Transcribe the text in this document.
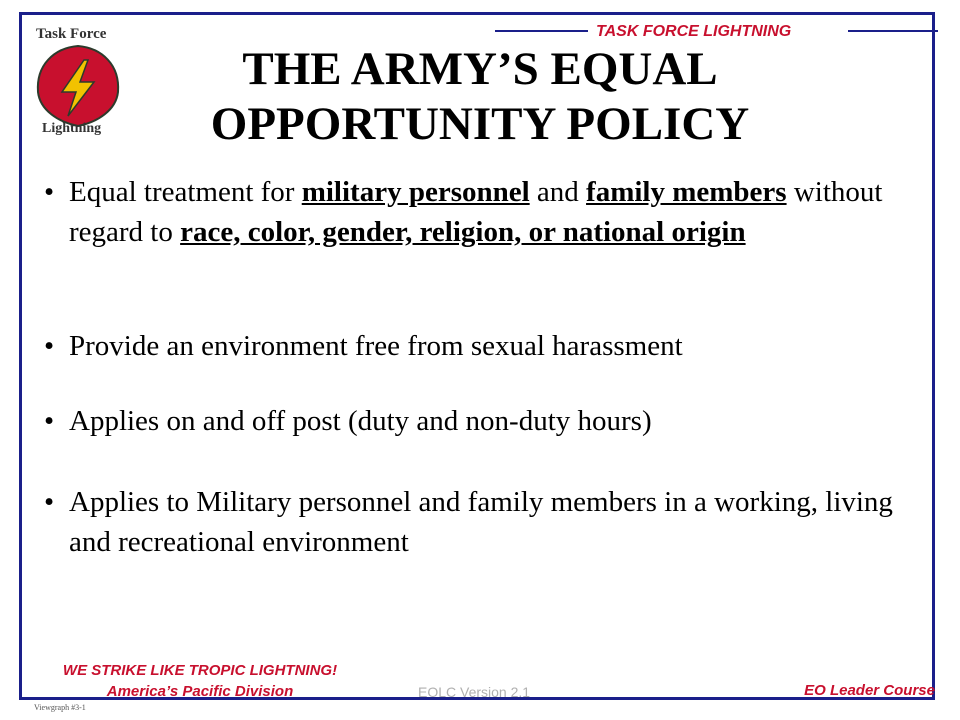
TASK FORCE LIGHTNING
Task Force
Lightning
THE ARMY’S EQUAL
OPPORTUNITY POLICY
• Equal treatment for military personnel and family members without regard to race, color, gender, religion, or national origin
• Provide an environment free from sexual harassment
• Applies on and off post (duty and non-duty hours)
• Applies to Military personnel and family members in a working, living and recreational environment
WE STRIKE LIKE TROPIC LIGHTNING!
America’s Pacific Division	EOLC Version 2.1	EO Leader Course
Viewgraph #3-1
